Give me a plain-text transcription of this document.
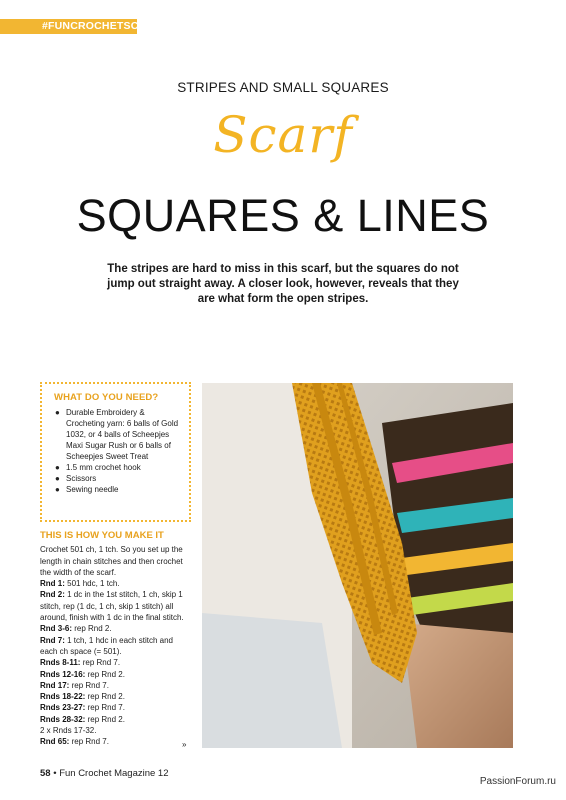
#FUNCROCHETSCARF
STRIPES AND SMALL SQUARES
Scarf
SQUARES & LINES
The stripes are hard to miss in this scarf, but the squares do not jump out straight away. A closer look, however, reveals that they are what form the open stripes.
WHAT DO YOU NEED?
● Durable Embroidery & Crocheting yarn: 6 balls of Gold 1032, or 4 balls of Scheepjes Maxi Sugar Rush or 6 balls of Scheepjes Sweet Treat
● 1.5 mm crochet hook
● Scissors
● Sewing needle
THIS IS HOW YOU MAKE IT

Crochet 501 ch, 1 tch. So you set up the length in chain stitches and then crochet the width of the scarf.

Rnd 1: 501 hdc, 1 tch.

Rnd 2: 1 dc in the 1st stitch, 1 ch, skip 1 stitch, rep (1 dc, 1 ch, skip 1 stitch) all around, finish with 1 dc in the final stitch.

Rnd 3-6: rep Rnd 2.

Rnd 7: 1 tch, 1 hdc in each stitch and each ch space (= 501).

Rnds 8-11: rep Rnd 7.

Rnds 12-16: rep Rnd 2.

Rnd 17: rep Rnd 7.

Rnds 18-22: rep Rnd 2.

Rnds 23-27: rep Rnd 7.

Rnds 28-32: rep Rnd 2.

2 x Rnds 17-32.

Rnd 65: rep Rnd 7.	»
58 • Fun Crochet Magazine 12
PassionForum.ru
